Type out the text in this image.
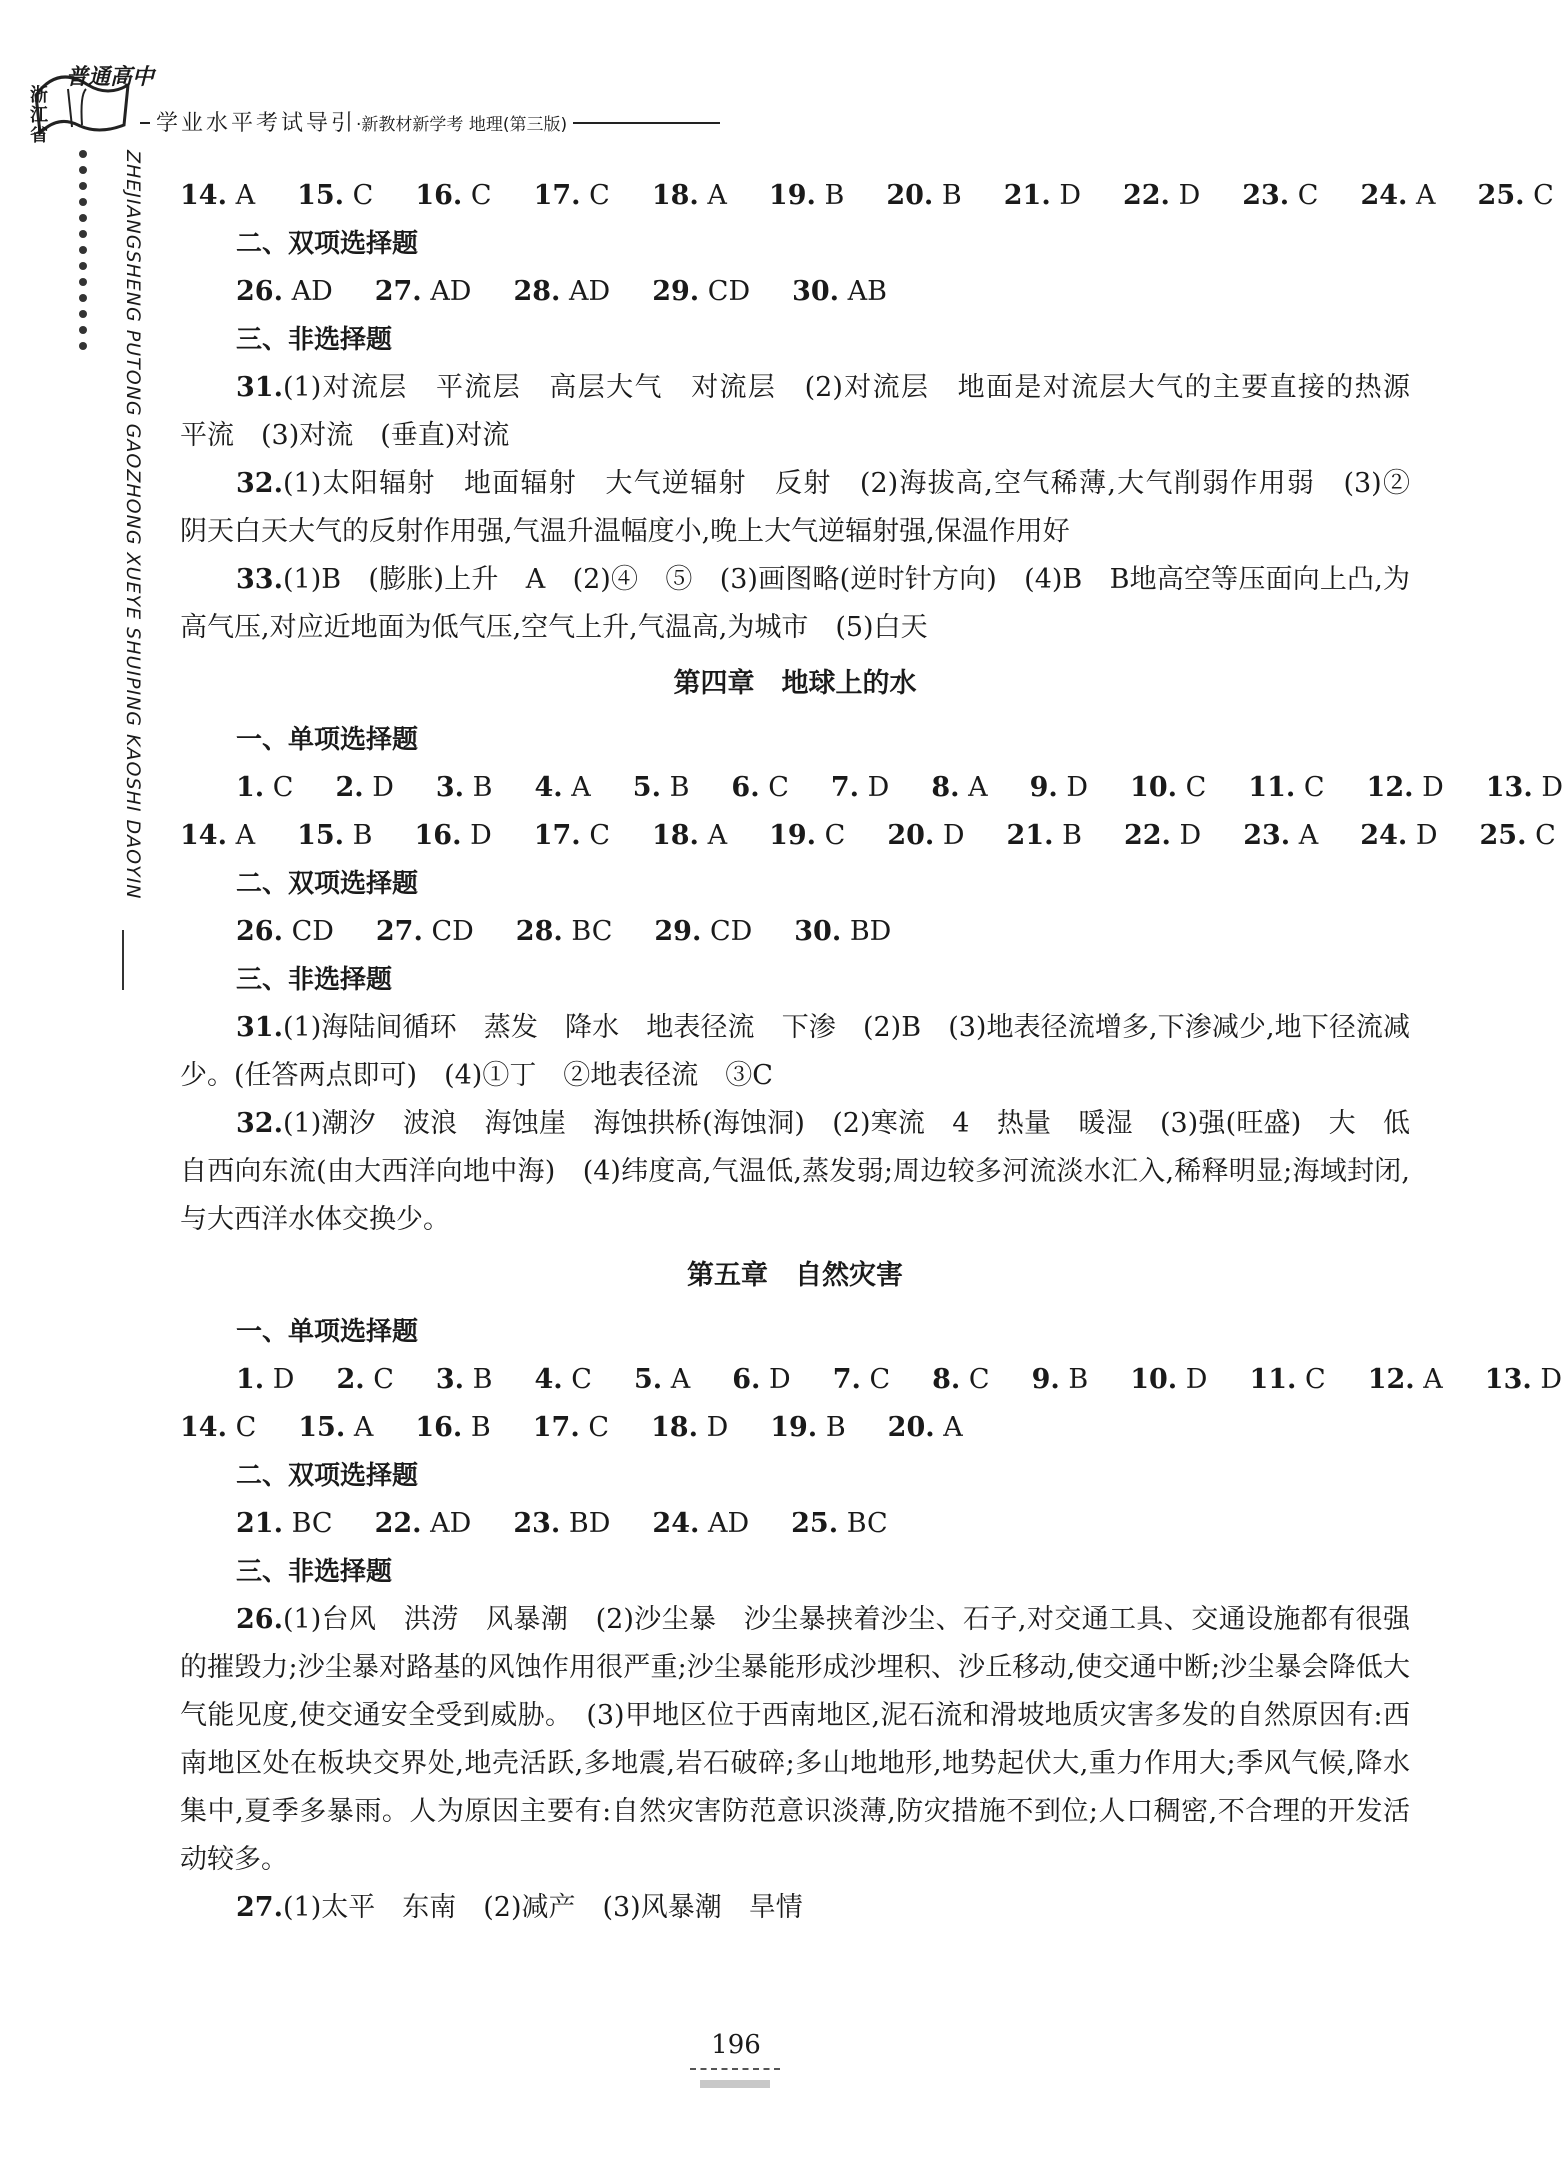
普通高中
浙江省	学业水平考试导引·新教材新学考 地理(第三版)
ZHEJIANGSHENG PUTONG GAOZHONG XUEYE SHUIPING KAOSHI DAOYIN 14. A 15. C 16. C 17. C 18. A 19. B 20. B 21. D 22. D 23. C 24. A 25. C
二、双项选择题
26. AD 27. AD 28. AD 29. CD 30. AB
三、非选择题
31.(1)对流层　平流层　高层大气　对流层　(2)对流层　地面是对流层大气的主要直接的热源　平流　(3)对流　(垂直)对流
32.(1)太阳辐射　地面辐射　大气逆辐射　反射　(2)海拔高,空气稀薄,大气削弱作用弱　(3)②　阴天白天大气的反射作用强,气温升温幅度小,晚上大气逆辐射强,保温作用好
33.(1)B　(膨胀)上升　A　(2)④　⑤　(3)画图略(逆时针方向)　(4)B　B地高空等压面向上凸,为高气压,对应近地面为低气压,空气上升,气温高,为城市　(5)白天
第四章　地球上的水
一、单项选择题
1. C 2. D 3. B 4. A 5. B 6. C 7. D 8. A 9. D 10. C 11. C 12. D 13. D
14. A 15. B 16. D 17. C 18. A 19. C 20. D 21. B 22. D 23. A 24. D 25. C
二、双项选择题
26. CD 27. CD 28. BC 29. CD 30. BD
三、非选择题
31.(1)海陆间循环　蒸发　降水　地表径流　下渗　(2)B　(3)地表径流增多,下渗减少,地下径流减少。(任答两点即可)　(4)①丁　②地表径流　③C
32.(1)潮汐　波浪　海蚀崖　海蚀拱桥(海蚀洞)　(2)寒流　4　热量　暖湿　(3)强(旺盛)　大　低　自西向东流(由大西洋向地中海)　(4)纬度高,气温低,蒸发弱;周边较多河流淡水汇入,稀释明显;海域封闭,与大西洋水体交换少。
第五章　自然灾害
一、单项选择题
1. D 2. C 3. B 4. C 5. A 6. D 7. C 8. C 9. B 10. D 11. C 12. A 13. D
14. C 15. A 16. B 17. C 18. D 19. B 20. A
二、双项选择题
21. BC 22. AD 23. BD 24. AD 25. BC
三、非选择题
26.(1)台风　洪涝　风暴潮　(2)沙尘暴　沙尘暴挟着沙尘、石子,对交通工具、交通设施都有很强的摧毁力;沙尘暴对路基的风蚀作用很严重;沙尘暴能形成沙埋积、沙丘移动,使交通中断;沙尘暴会降低大气能见度,使交通安全受到威胁。　(3)甲地区位于西南地区,泥石流和滑坡地质灾害多发的自然原因有:西南地区处在板块交界处,地壳活跃,多地震,岩石破碎;多山地地形,地势起伏大,重力作用大;季风气候,降水集中,夏季多暴雨。人为原因主要有:自然灾害防范意识淡薄,防灾措施不到位;人口稠密,不合理的开发活动较多。
27.(1)太平　东南　(2)减产　(3)风暴潮　旱情
196
